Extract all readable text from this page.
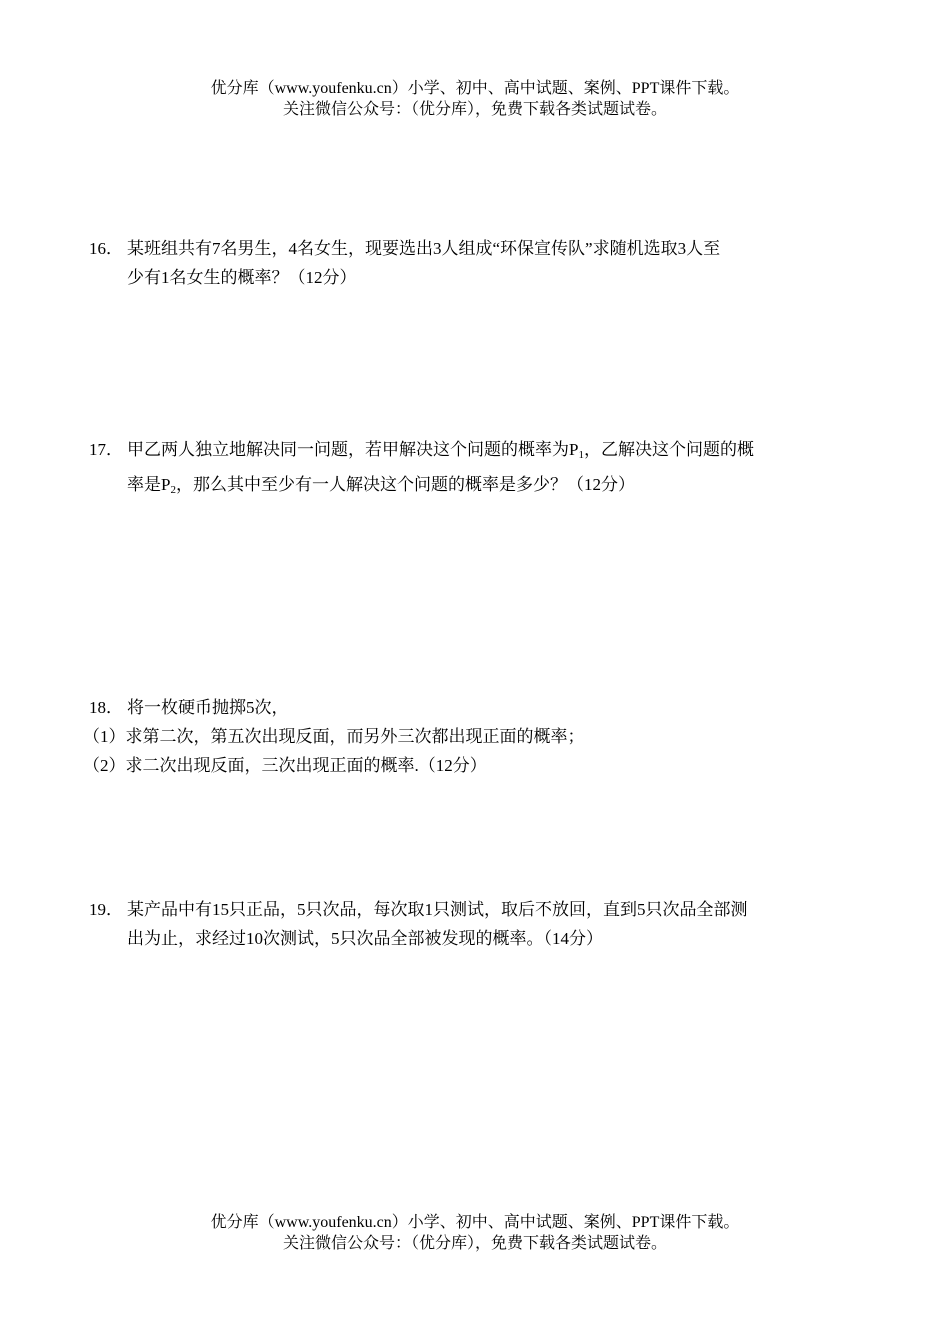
优分库（www.youfenku.cn）小学、初中、高中试题、案例、PPT课件下载。
关注微信公众号：（优分库），免费下载各类试题试卷。
16． 某班组共有7名男生，4名女生，现要选出3人组成“环保宣传队”求随机选取3人至
少有1名女生的概率？（12分）
17． 甲乙两人独立地解决同一问题，若甲解决这个问题的概率为$P_1$，乙解决这个问题的概
率是$P_2$，那么其中至少有一人解决这个问题的概率是多少？（12分）
18． 将一枚硬币抛掷5次，
（1）求第二次，第五次出现反面，而另外三次都出现正面的概率；
（2）求二次出现反面，三次出现正面的概率.（12分）
19． 某产品中有15只正品，5只次品，每次取1只测试，取后不放回，直到5只次品全部测
出为止，求经过10次测试，5只次品全部被发现的概率。（14分）
优分库（www.youfenku.cn）小学、初中、高中试题、案例、PPT课件下载。
关注微信公众号：（优分库），免费下载各类试题试卷。
